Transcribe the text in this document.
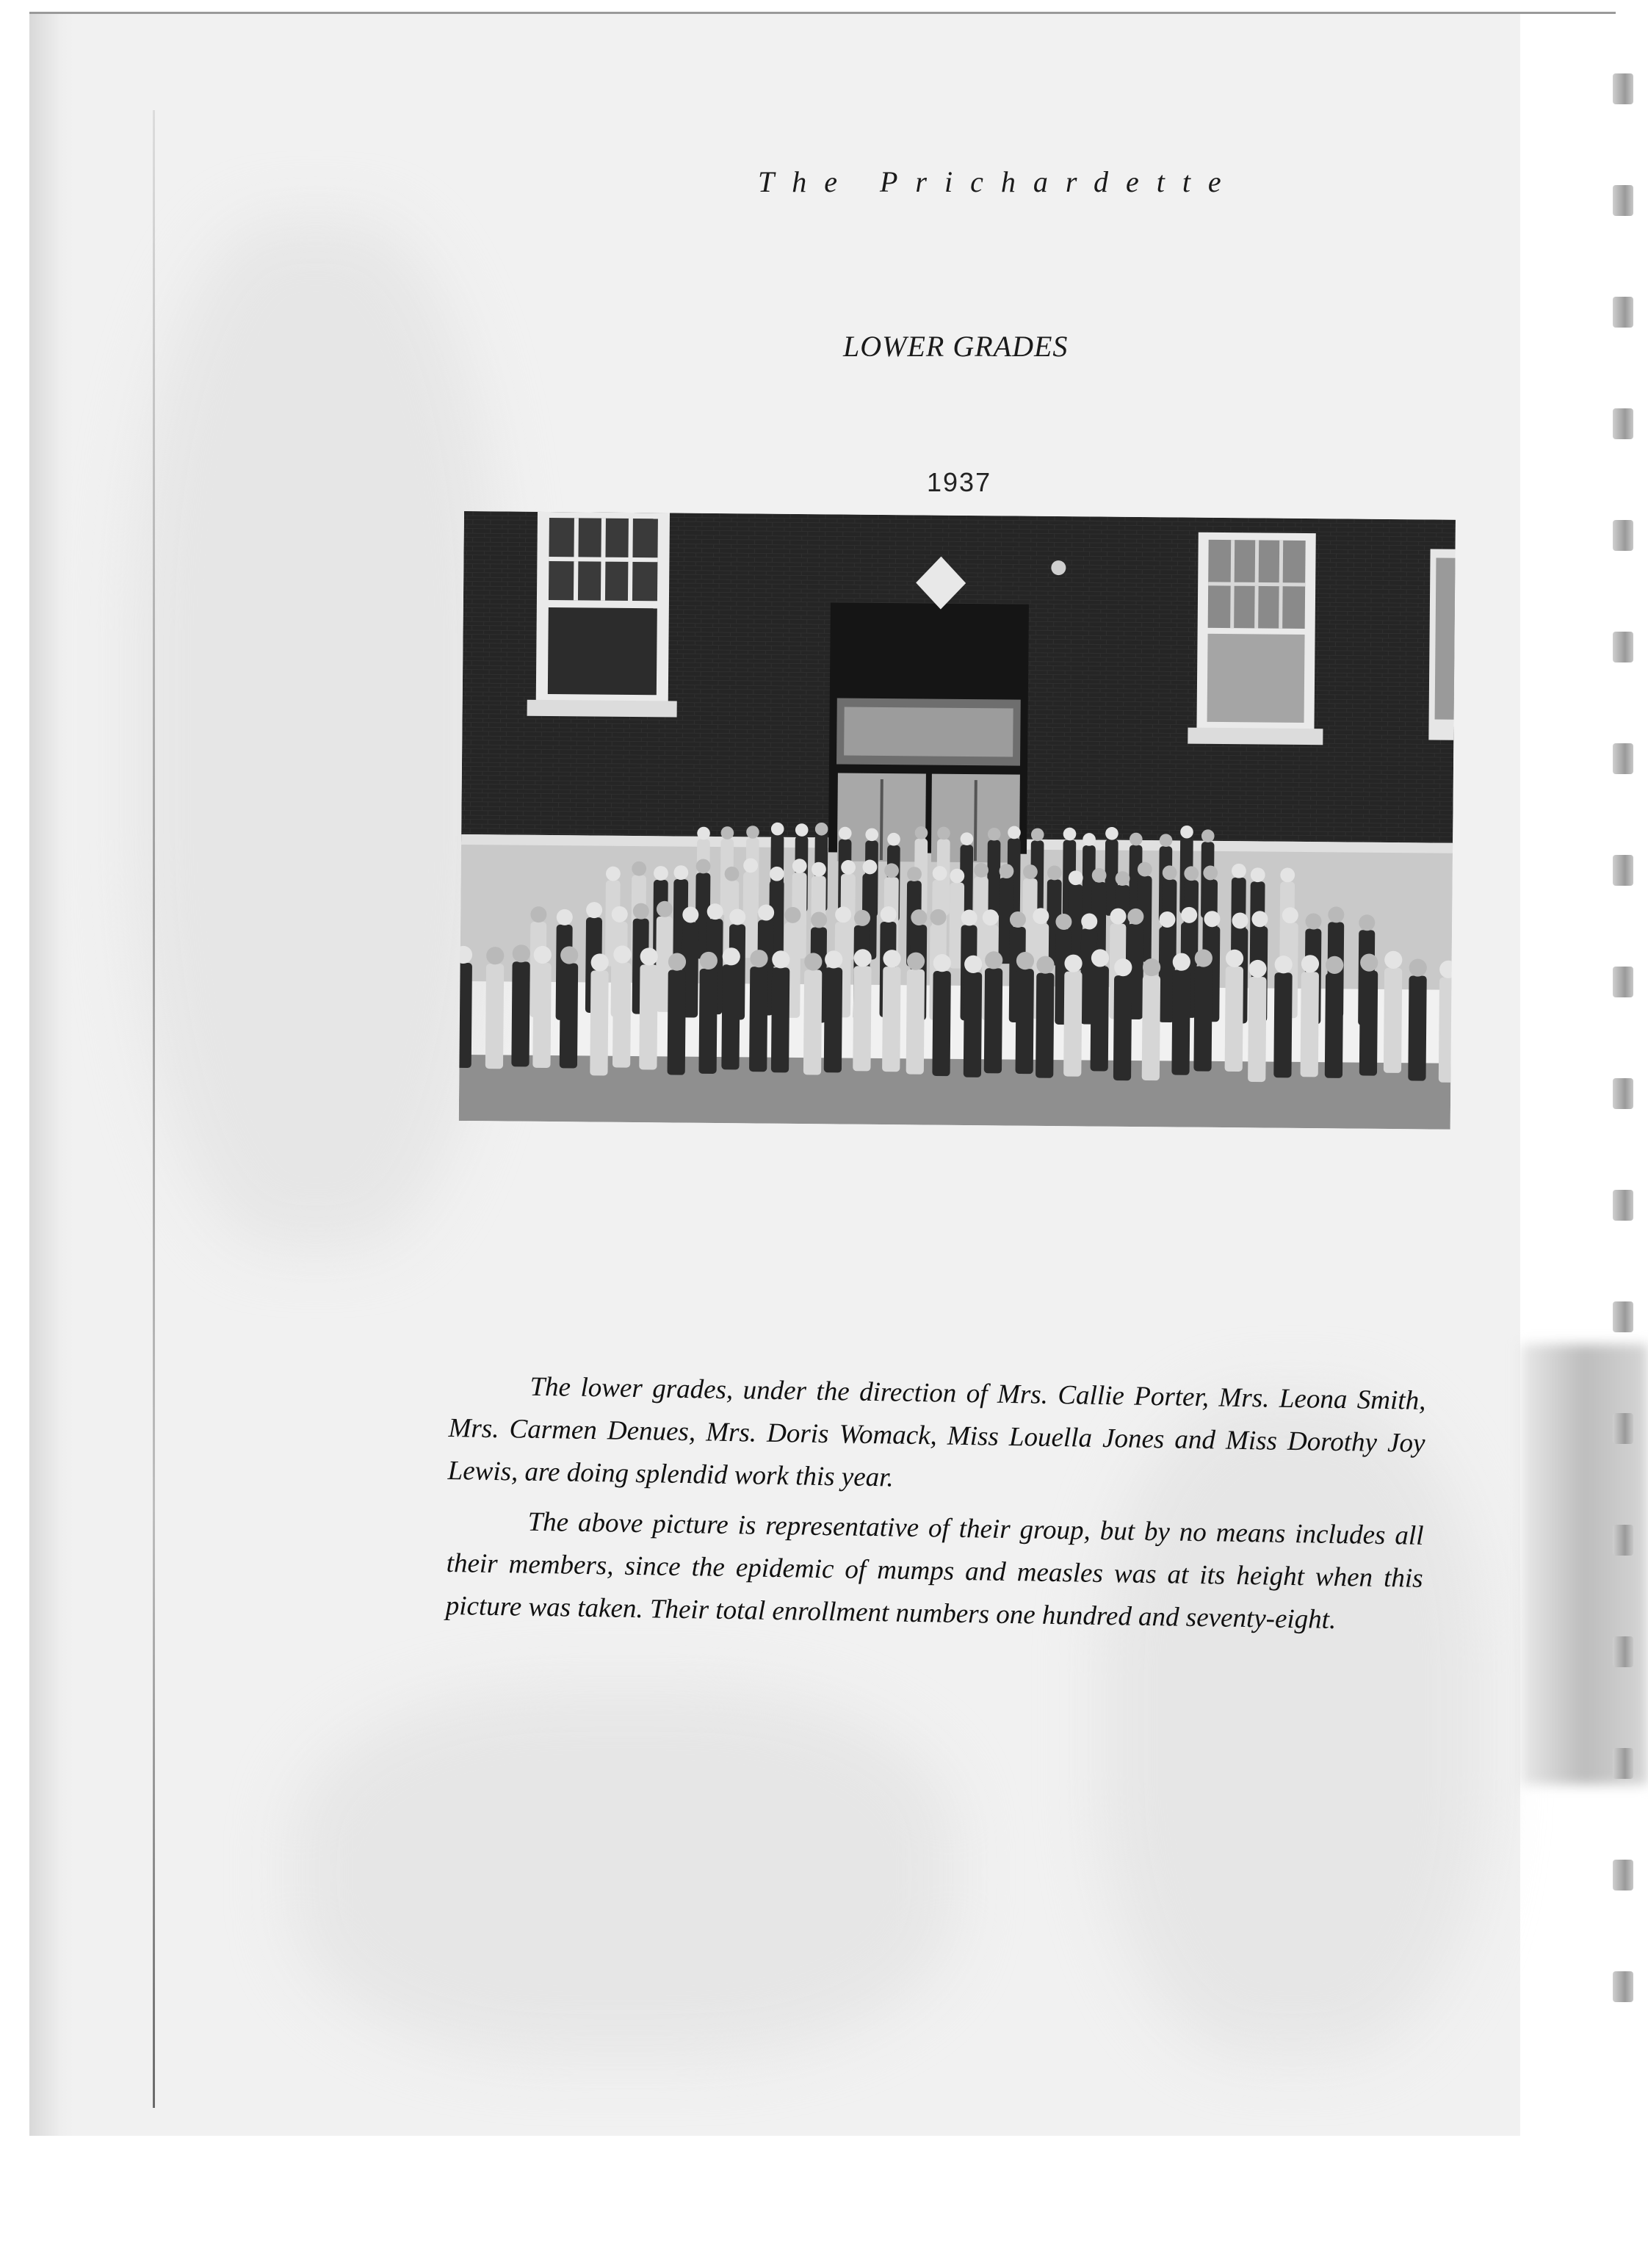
The Prichardette
LOWER GRADES
1937

The lower grades, under the direction of Mrs. Callie Porter, Mrs. Leona Smith, Mrs. Carmen Denues, Mrs. Doris Womack, Miss Louella Jones and Miss Dorothy Joy Lewis, are doing splendid work this year.

The above picture is representative of their group, but by no means includes all their members, since the epidemic of mumps and measles was at its height when this picture was taken. Their total enrollment numbers one hundred and seventy-eight.
